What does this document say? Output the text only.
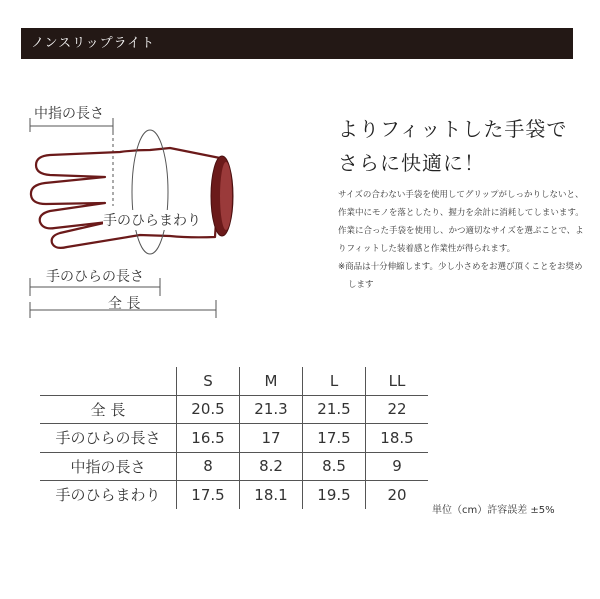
ノンスリップライト
中指の長さ
手のひらまわり
手のひらの長さ
全 長
よりフィットした手袋で
さらに快適に！

サイズの合わない手袋を使用してグリップがしっかりしないと、作業中にモノを落としたり、握力を余計に消耗してしまいます。

作業に合った手袋を使用し、かつ適切なサイズを選ぶことで、よりフィットした装着感と作業性が得られます。

※商品は十分伸縮します。少し小さめをお選び頂くことをお奨めします

	S	M	L	LL
全 長	20.5	21.3	21.5	22
手のひらの長さ	16.5	17	17.5	18.5
中指の長さ	8	8.2	8.5	9
手のひらまわり	17.5	18.1	19.5	20
単位（cm）許容誤差 ±5%
